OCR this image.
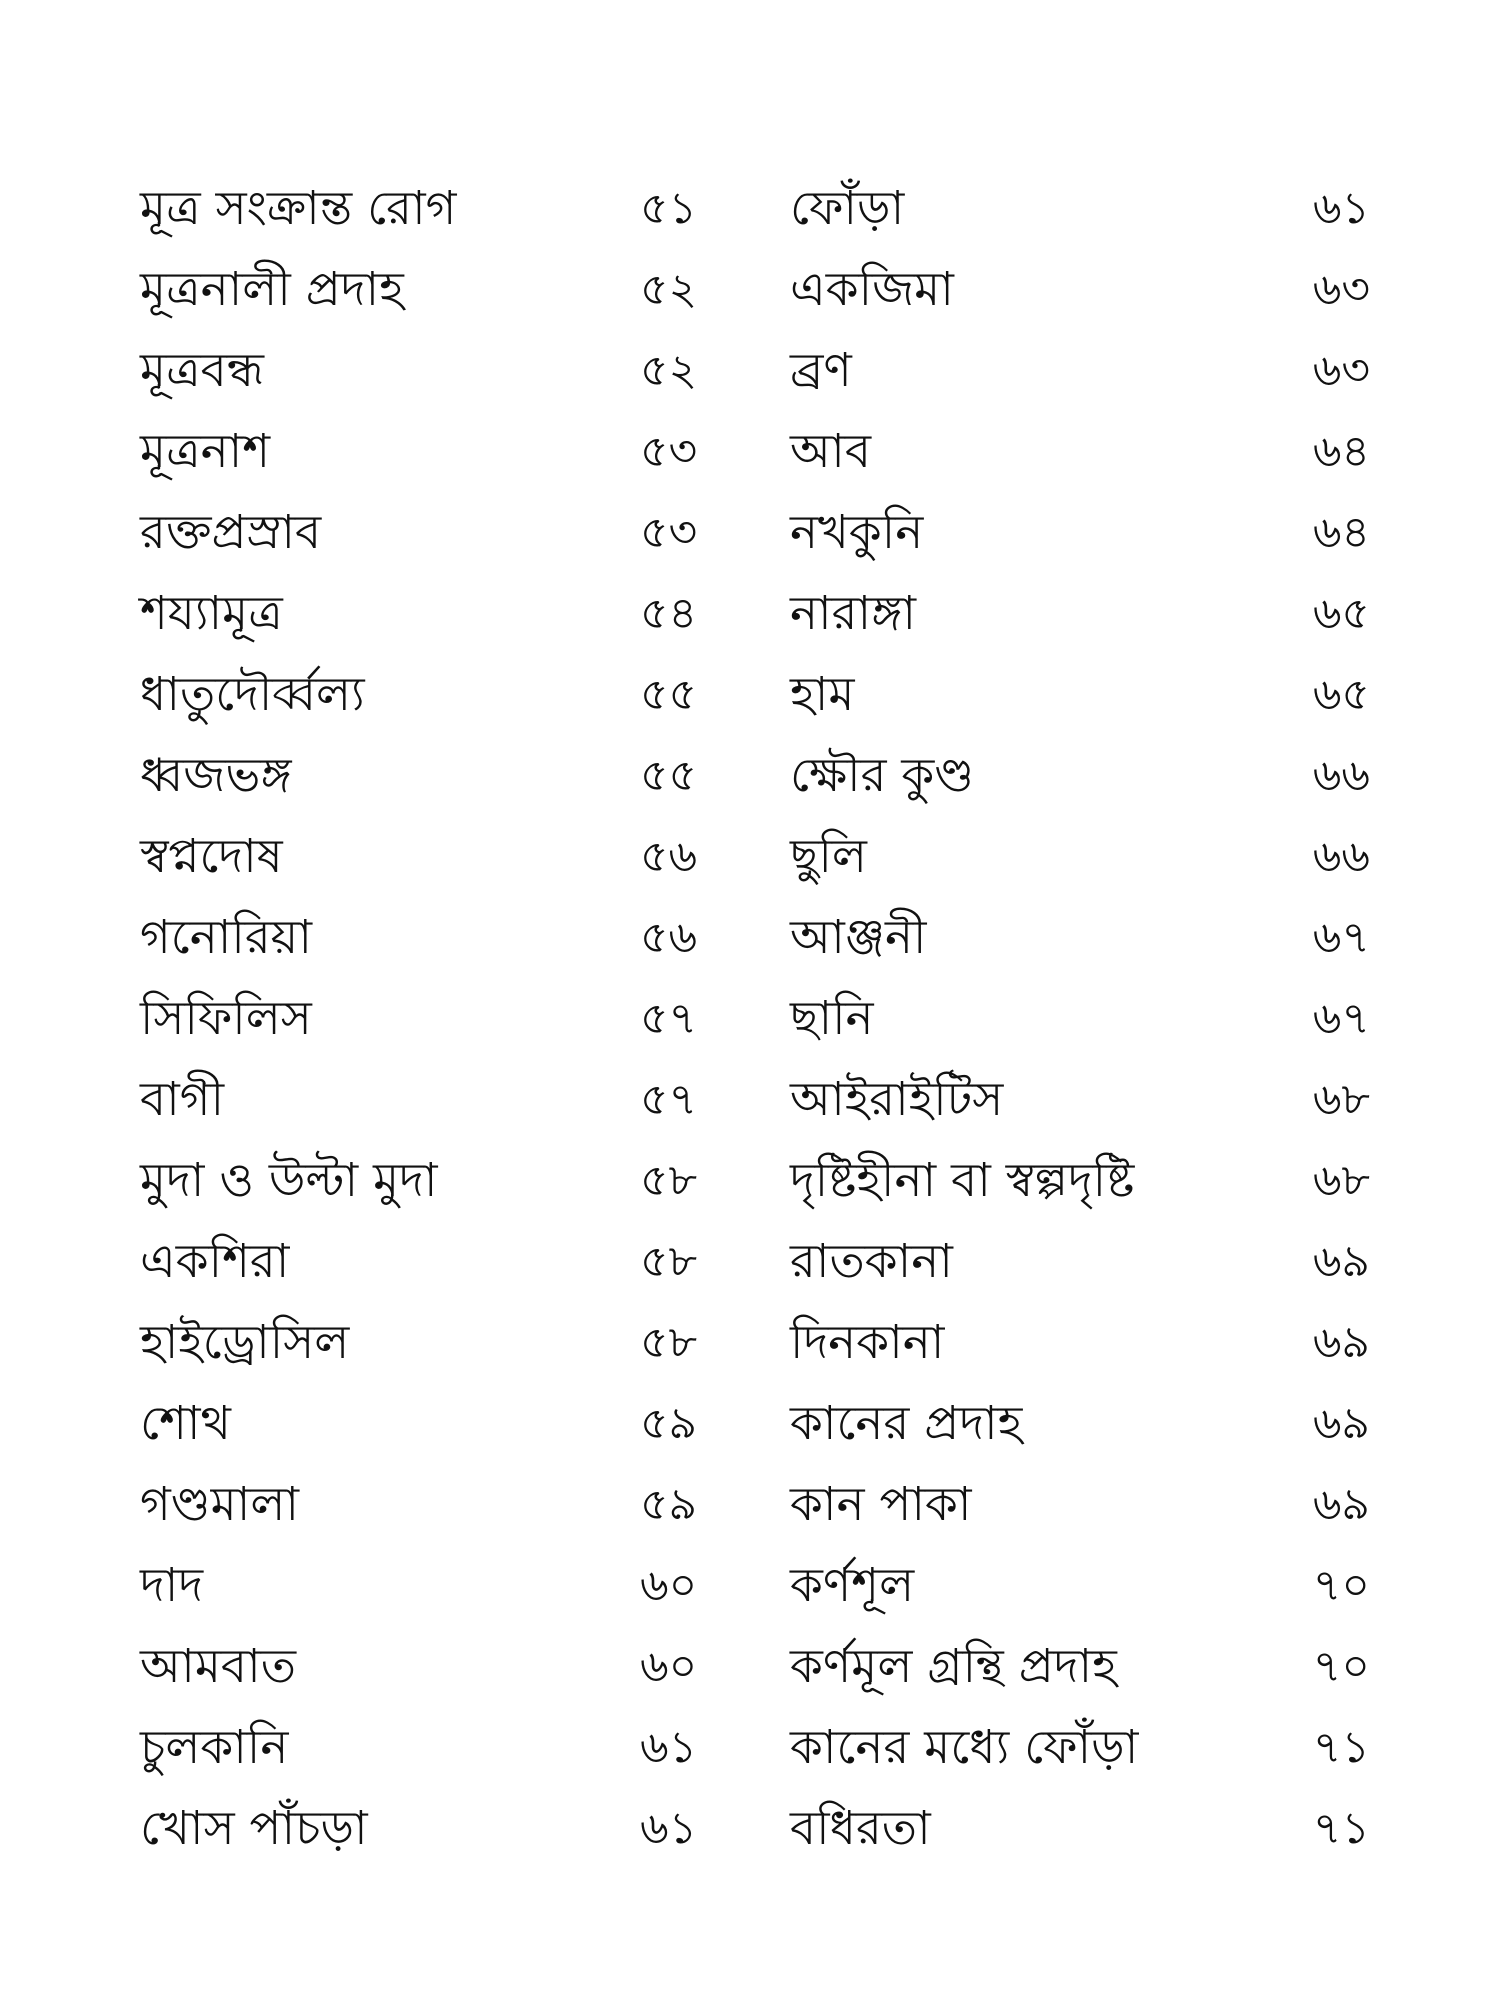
মূত্র সংক্রান্ত রোগ	৫১	ফোঁড়া	৬১
মূত্রনালী প্রদাহ	৫২	একজিমা	৬৩
মূত্রবন্ধ	৫২	ব্রণ	৬৩
মূত্রনাশ	৫৩	আব	৬৪
রক্তপ্রস্রাব	৫৩	নখকুনি	৬৪
শয্যামূত্র	৫৪	নারাঙ্গা	৬৫
ধাতুদৌর্ব্বল্য	৫৫	হাম	৬৫
ধ্বজভঙ্গ	৫৫	ক্ষৌর কুণ্ড	৬৬
স্বপ্নদোষ	৫৬	ছুলি	৬৬
গনোরিয়া	৫৬	আঞ্জনী	৬৭
সিফিলিস	৫৭	ছানি	৬৭
বাগী	৫৭	আইরাইটিস	৬৮
মুদা ও উল্টা মুদা	৫৮	দৃষ্টিহীনা বা স্বল্পদৃষ্টি	৬৮
একশিরা	৫৮	রাতকানা	৬৯
হাইড্রোসিল	৫৮	দিনকানা	৬৯
শোথ	৫৯	কানের প্রদাহ	৬৯
গণ্ডমালা	৫৯	কান পাকা	৬৯
দাদ	৬০	কর্ণশূল	৭০
আমবাত	৬০	কর্ণমূল গ্রন্থি প্রদাহ	৭০
চুলকানি	৬১	কানের মধ্যে ফোঁড়া	৭১
খোস পাঁচড়া	৬১	বধিরতা	৭১
